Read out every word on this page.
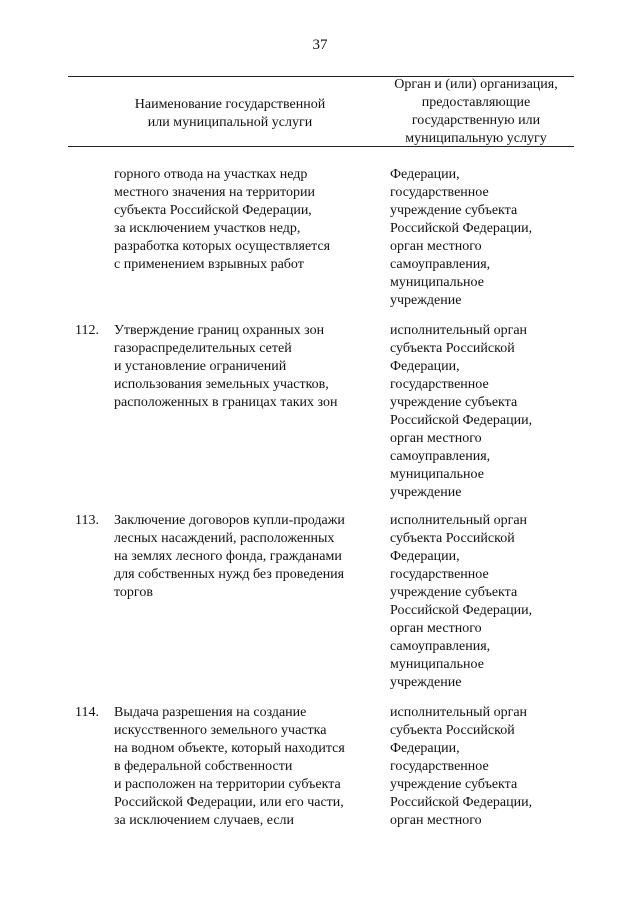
37
Наименование государственной
или муниципальной услуги
Орган и (или) организация,
предоставляющие
государственную или
муниципальную услугу
горного отвода на участках недр
местного значения на территории
субъекта Российской Федерации,
за исключением участков недр,
разработка которых осуществляется
с применением взрывных работ
Федерации,
государственное
учреждение субъекта
Российской Федерации,
орган местного
самоуправления,
муниципальное
учреждение
112. Утверждение границ охранных зон
газораспределительных сетей
и установление ограничений
использования земельных участков,
расположенных в границах таких зон
исполнительный орган
субъекта Российской
Федерации,
государственное
учреждение субъекта
Российской Федерации,
орган местного
самоуправления,
муниципальное
учреждение
113. Заключение договоров купли-продажи
лесных насаждений, расположенных
на землях лесного фонда, гражданами
для собственных нужд без проведения
торгов
исполнительный орган
субъекта Российской
Федерации,
государственное
учреждение субъекта
Российской Федерации,
орган местного
самоуправления,
муниципальное
учреждение
114. Выдача разрешения на создание
искусственного земельного участка
на водном объекте, который находится
в федеральной собственности
и расположен на территории субъекта
Российской Федерации, или его части,
за исключением случаев, если
исполнительный орган
субъекта Российской
Федерации,
государственное
учреждение субъекта
Российской Федерации,
орган местного
